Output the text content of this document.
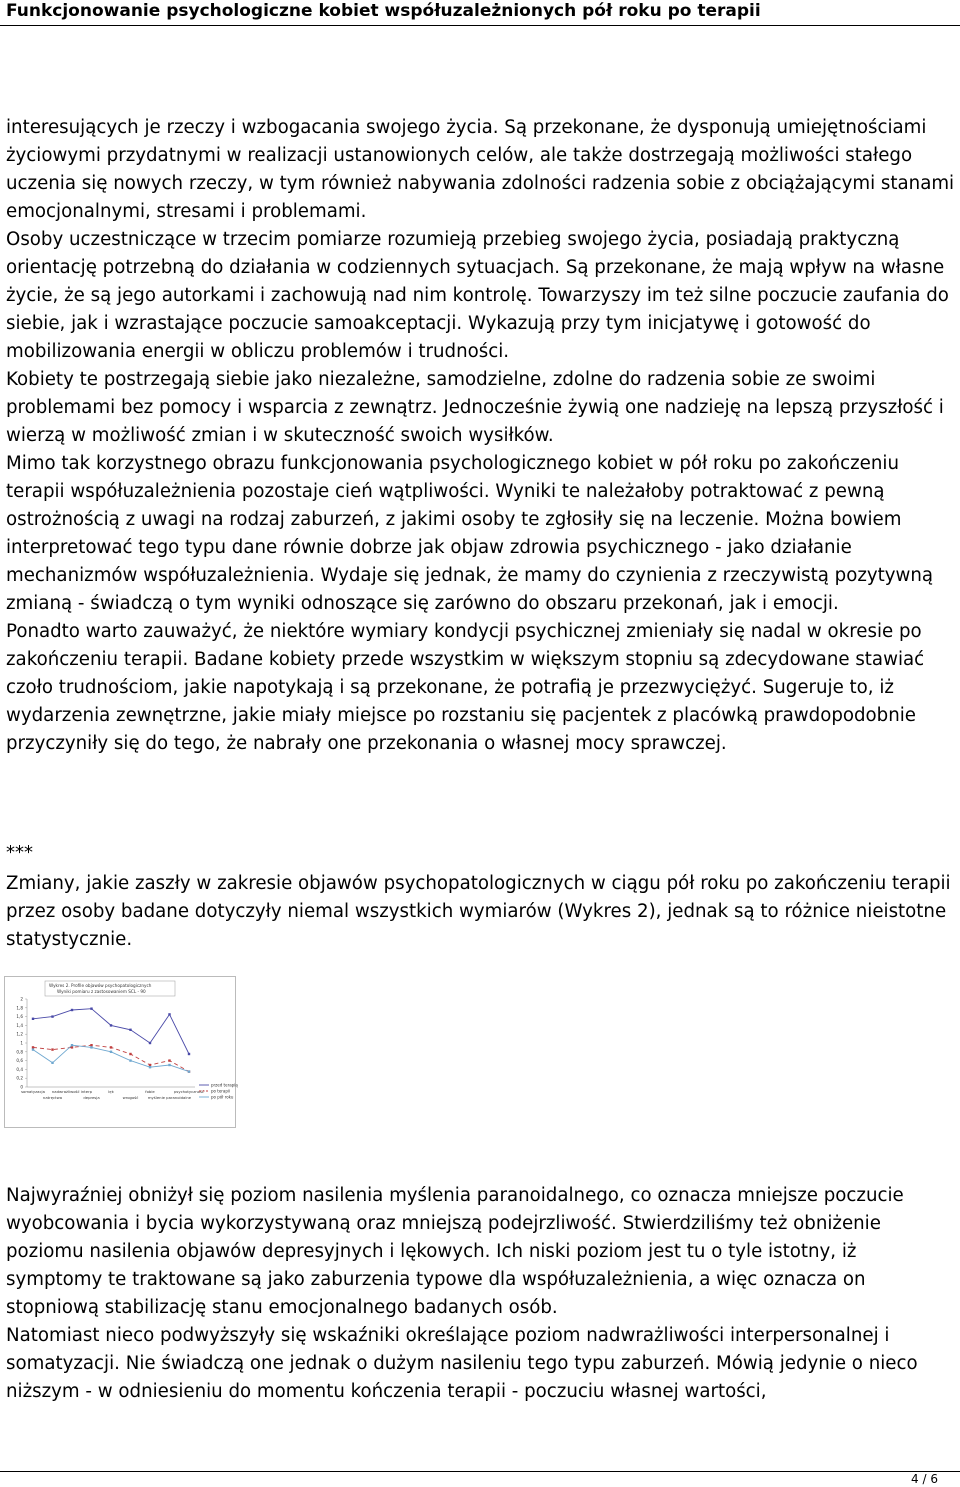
Funkcjonowanie psychologiczne kobiet współuzależnionych pół roku po terapii

interesujących je rzeczy i wzbogacania swojego życia. Są przekonane, że dysponują umiejętnościami życiowymi przydatnymi w realizacji ustanowionych celów, ale także dostrzegają możliwości stałego uczenia się nowych rzeczy, w tym również nabywania zdolności radzenia sobie z obciążającymi stanami emocjonalnymi, stresami i problemami.

Osoby uczestniczące w trzecim pomiarze rozumieją przebieg swojego życia, posiadają praktyczną orientację potrzebną do działania w codziennych sytuacjach. Są przekonane, że mają wpływ na własne życie, że są jego autorkami i zachowują nad nim kontrolę. Towarzyszy im też silne poczucie zaufania do siebie, jak i wzrastające poczucie samoakceptacji. Wykazują przy tym inicjatywę i gotowość do mobilizowania energii w obliczu problemów i trudności.

Kobiety te postrzegają siebie jako niezależne, samodzielne, zdolne do radzenia sobie ze swoimi problemami bez pomocy i wsparcia z zewnątrz. Jednocześnie żywią one nadzieję na lepszą przyszłość i wierzą w możliwość zmian i w skuteczność swoich wysiłków.

Mimo tak korzystnego obrazu funkcjonowania psychologicznego kobiet w pół roku po zakończeniu terapii współuzależnienia pozostaje cień wątpliwości. Wyniki te należałoby potraktować z pewną ostrożnością z uwagi na rodzaj zaburzeń, z jakimi osoby te zgłosiły się na leczenie. Można bowiem interpretować tego typu dane równie dobrze jak objaw zdrowia psychicznego - jako działanie mechanizmów współuzależnienia. Wydaje się jednak, że mamy do czynienia z rzeczywistą pozytywną zmianą - świadczą o tym wyniki odnoszące się zarówno do obszaru przekonań, jak i emocji.

Ponadto warto zauważyć, że niektóre wymiary kondycji psychicznej zmieniały się nadal w okresie po zakończeniu terapii. Badane kobiety przede wszystkim w większym stopniu są zdecydowane stawiać czoło trudnościom, jakie napotykają i są przekonane, że potrafią je przezwyciężyć. Sugeruje to, iż wydarzenia zewnętrzne, jakie miały miejsce po rozstaniu się pacjentek z placówką prawdopodobnie przyczyniły się do tego, że nabrały one przekonania o własnej mocy sprawczej.

***

Zmiany, jakie zaszły w zakresie objawów psychopatologicznych w ciągu pół roku po zakończeniu terapii przez osoby badane dotyczyły niemal wszystkich wymiarów (Wykres 2), jednak są to różnice nieistotne statystycznie.

Wykres 2. Profile objawów psychopatologicznych
Wyniki pomiaru z zastosowaniem SCL - 90
0
0,2
0,4
0,6
0,8
1
1,2
1,4
1,6
1,8
2
somatyzacja nadwrażliwość interp	lęk	fobie	psychotyczność
natręctwa	depresja	wrogość	myślenie paranoidalne
przed terapią
po terapii
po pół roku

Najwyraźniej obniżył się poziom nasilenia myślenia paranoidalnego, co oznacza mniejsze poczucie wyobcowania i bycia wykorzystywaną oraz mniejszą podejrzliwość. Stwierdziliśmy też obniżenie poziomu nasilenia objawów depresyjnych i lękowych. Ich niski poziom jest tu o tyle istotny, iż symptomy te traktowane są jako zaburzenia typowe dla współuzależnienia, a więc oznacza on stopniową stabilizację stanu emocjonalnego badanych osób.

Natomiast nieco podwyższyły się wskaźniki określające poziom nadwrażliwości interpersonalnej i somatyzacji. Nie świadczą one jednak o dużym nasileniu tego typu zaburzeń. Mówią jedynie o nieco niższym - w odniesieniu do momentu kończenia terapii - poczuciu własnej wartości,

4 / 6
